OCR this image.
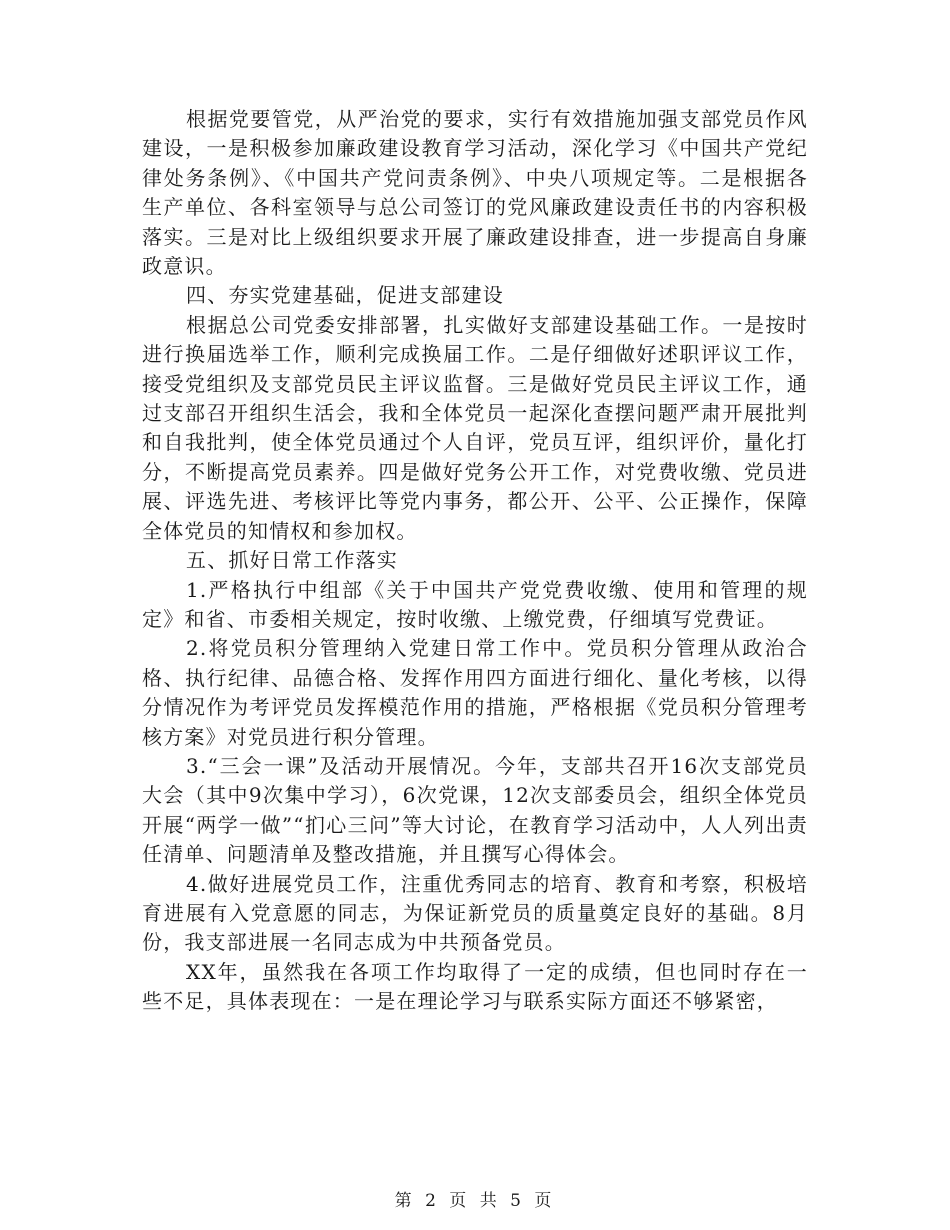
根据党要管党，从严治党的要求，实行有效措施加强支部党员作风建设，一是积极参加廉政建设教育学习活动，深化学习《中国共产党纪律处务条例》、《中国共产党问责条例》、中央八项规定等。二是根据各生产单位、各科室领导与总公司签订的党风廉政建设责任书的内容积极落实。三是对比上级组织要求开展了廉政建设排查，进一步提高自身廉政意识。

四、夯实党建基础，促进支部建设

根据总公司党委安排部署，扎实做好支部建设基础工作。一是按时进行换届选举工作，顺利完成换届工作。二是仔细做好述职评议工作，接受党组织及支部党员民主评议监督。三是做好党员民主评议工作，通过支部召开组织生活会，我和全体党员一起深化查摆问题严肃开展批判和自我批判，使全体党员通过个人自评，党员互评，组织评价，量化打分，不断提高党员素养。四是做好党务公开工作，对党费收缴、党员进展、评选先进、考核评比等党内事务，都公开、公平、公正操作，保障全体党员的知情权和参加权。

五、抓好日常工作落实

1.严格执行中组部《关于中国共产党党费收缴、使用和管理的规定》和省、市委相关规定，按时收缴、上缴党费，仔细填写党费证。

2.将党员积分管理纳入党建日常工作中。党员积分管理从政治合格、执行纪律、品德合格、发挥作用四方面进行细化、量化考核，以得分情况作为考评党员发挥模范作用的措施，严格根据《党员积分管理考核方案》对党员进行积分管理。

3.“三会一课”及活动开展情况。今年，支部共召开16次支部党员大会（其中9次集中学习），6次党课，12次支部委员会，组织全体党员开展“两学一做”“扪心三问”等大讨论，在教育学习活动中，人人列出责任清单、问题清单及整改措施，并且撰写心得体会。

4.做好进展党员工作，注重优秀同志的培育、教育和考察，积极培育进展有入党意愿的同志，为保证新党员的质量奠定良好的基础。8月份，我支部进展一名同志成为中共预备党员。

XX年，虽然我在各项工作均取得了一定的成绩，但也同时存在一些不足，具体表现在：一是在理论学习与联系实际方面还不够紧密，

第 2 页 共 5 页
